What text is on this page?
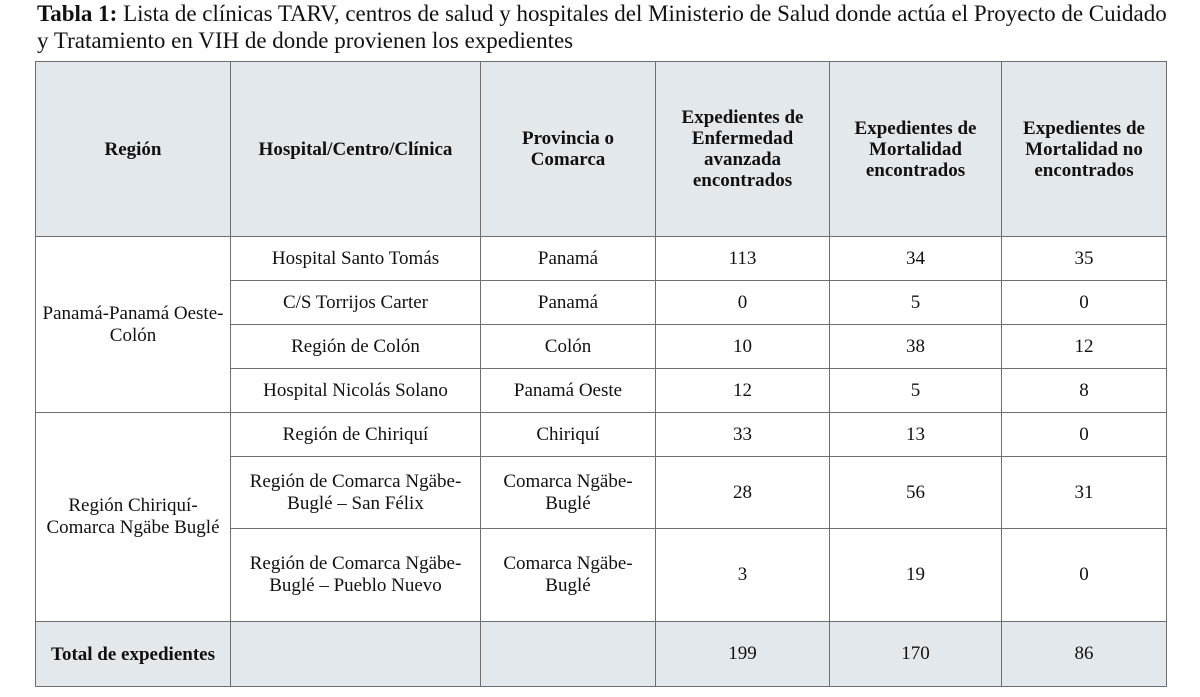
Tabla 1: Lista de clínicas TARV, centros de salud y hospitales del Ministerio de Salud donde actúa el Proyecto de Cuidado y Tratamiento en VIH de donde provienen los expedientes
Región	Hospital/Centro/Clínica	Provincia o Comarca	Expedientes de Enfermedad avanzada encontrados	Expedientes de Mortalidad encontrados	Expedientes de Mortalidad no encontrados
Panamá-Panamá Oeste-Colón	Hospital Santo Tomás	Panamá	113	34	35
	C/S Torrijos Carter	Panamá	0	5	0
	Región de Colón	Colón	10	38	12
	Hospital Nicolás Solano	Panamá Oeste	12	5	8
Región Chiriquí-Comarca Ngäbe Buglé	Región de Chiriquí	Chiriquí	33	13	0
	Región de Comarca Ngäbe-Buglé – San Félix	Comarca Ngäbe-Buglé	28	56	31
	Región de Comarca Ngäbe-Buglé – Pueblo Nuevo	Comarca Ngäbe-Buglé	3	19	0
Total de expedientes			199	170	86
